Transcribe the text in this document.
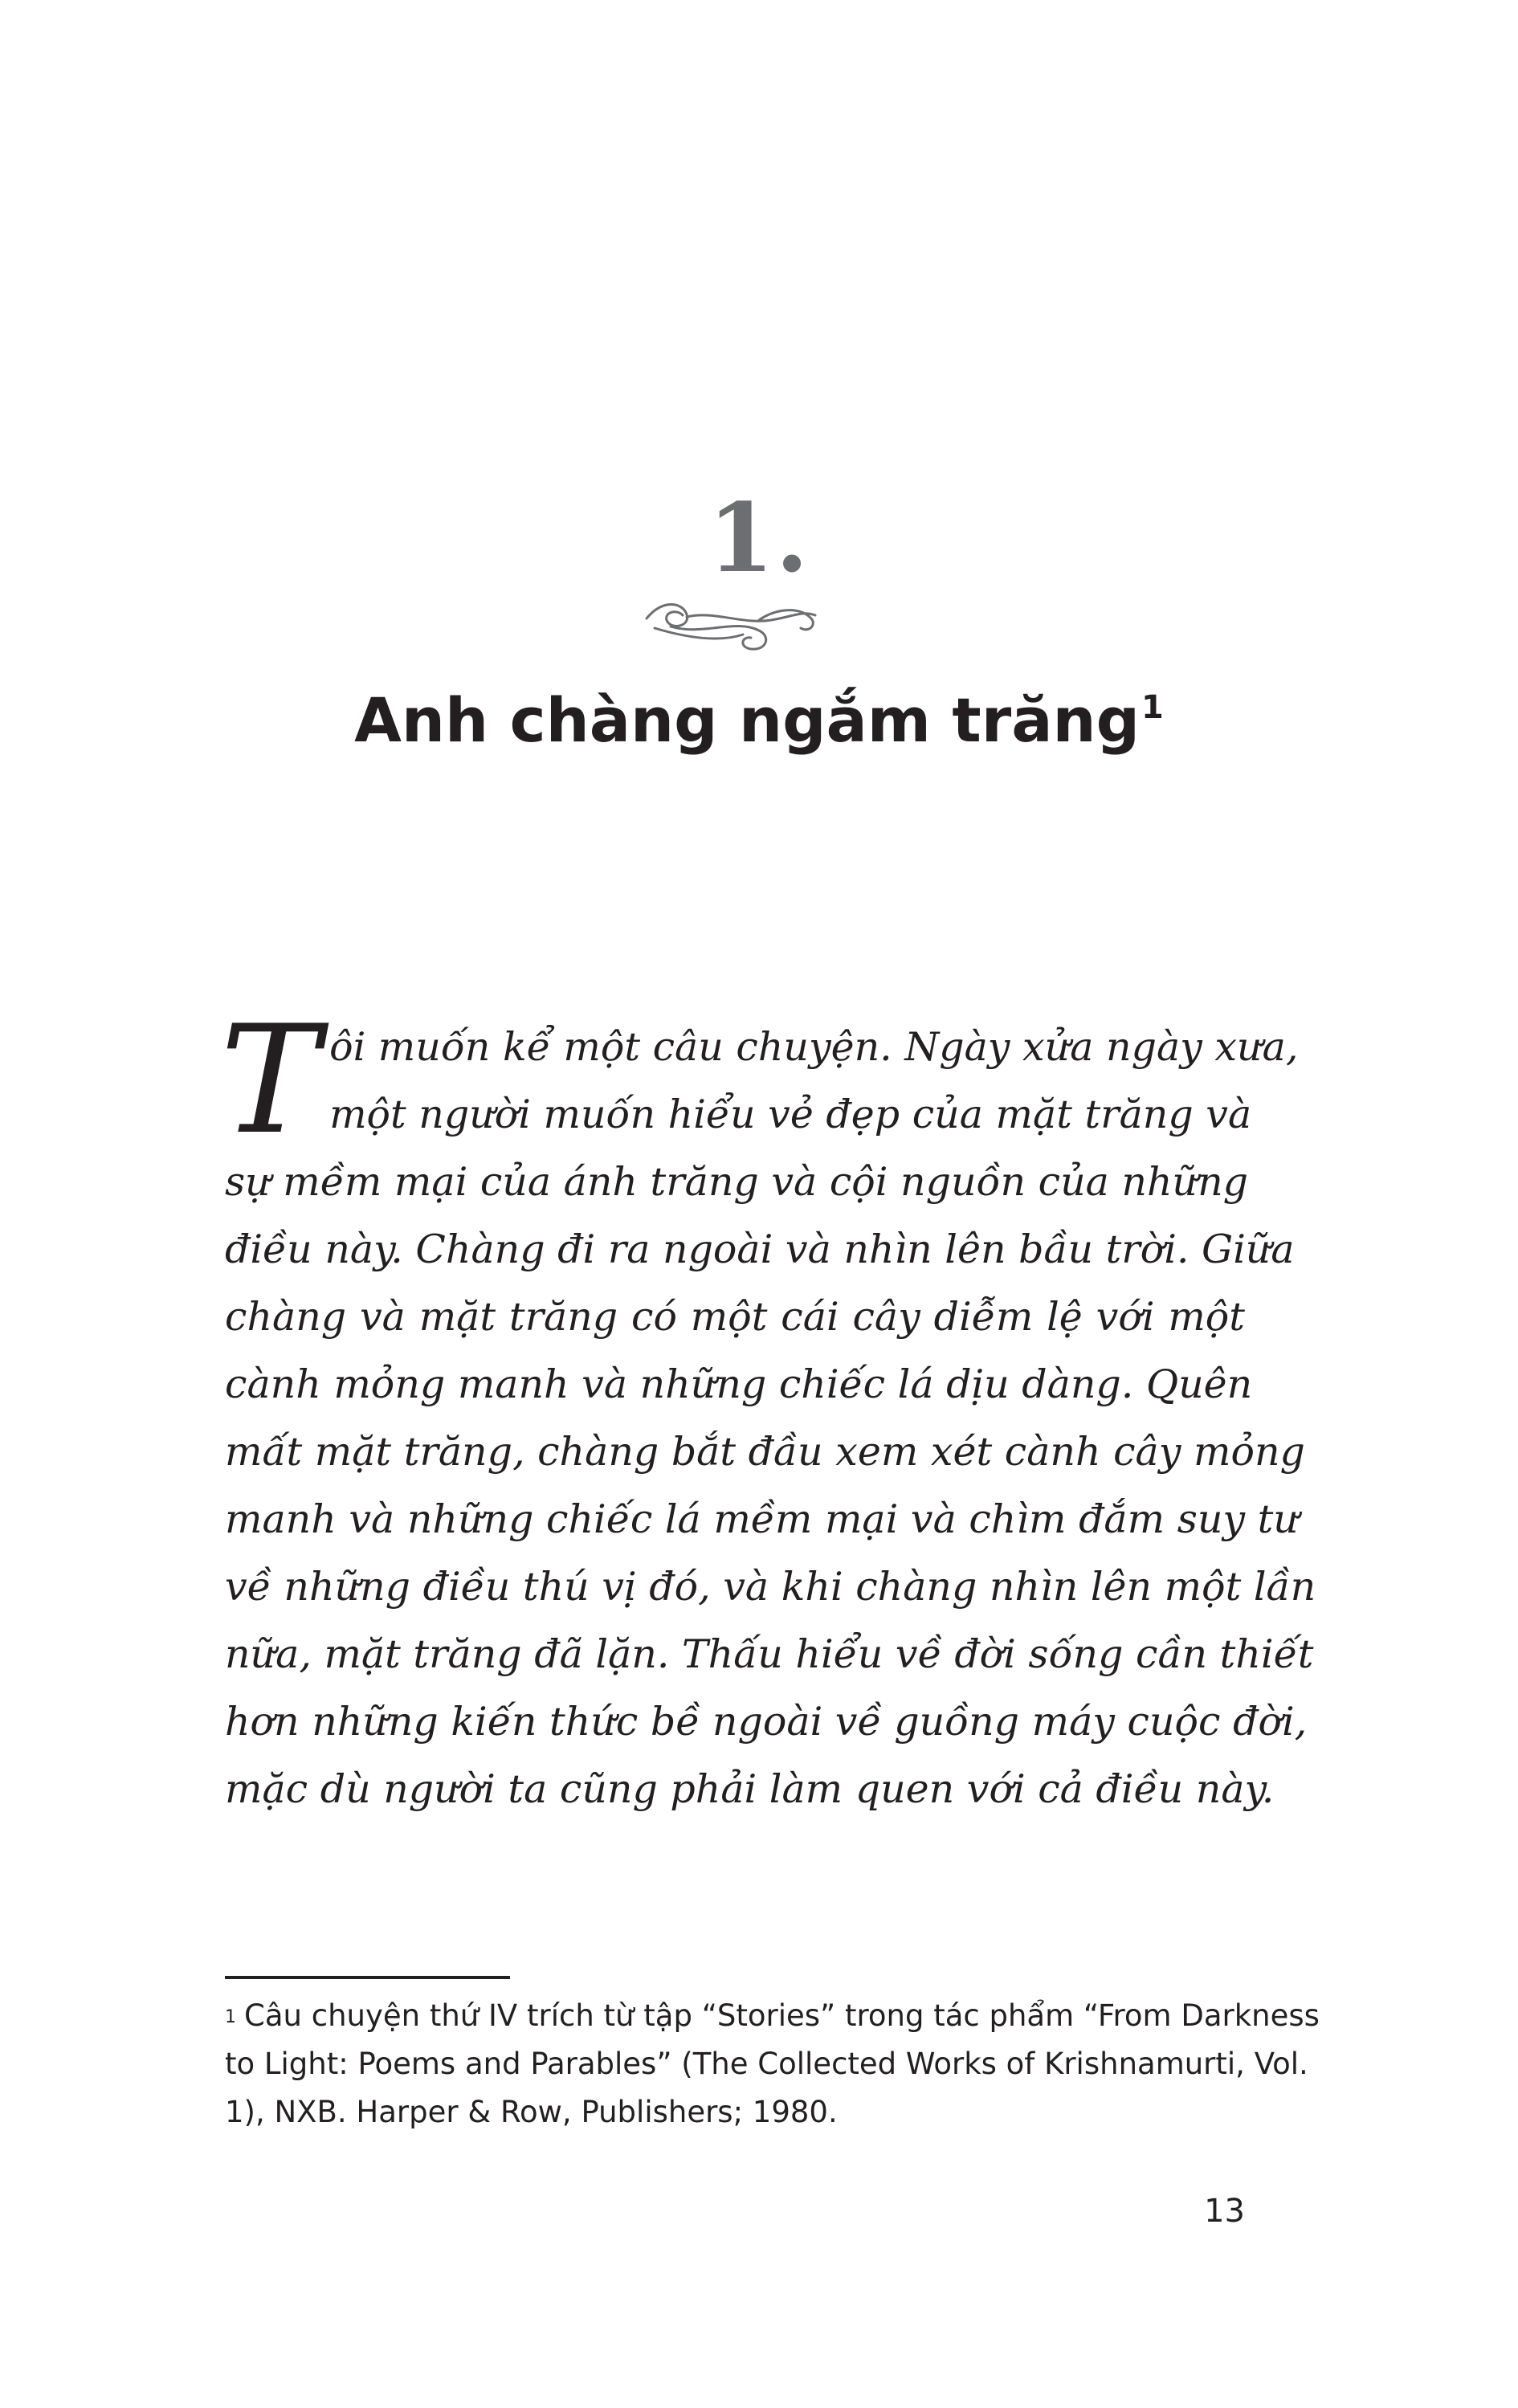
1.
Anh chàng ngắm trăng$^1$
T ôi muốn kể một câu chuyện. Ngày xửa ngày xưa,
một người muốn hiểu vẻ đẹp của mặt trăng và
sự mềm mại của ánh trăng và cội nguồn của những
điều này. Chàng đi ra ngoài và nhìn lên bầu trời. Giữa
chàng và mặt trăng có một cái cây diễm lệ với một
cành mỏng manh và những chiếc lá dịu dàng. Quên
mất mặt trăng, chàng bắt đầu xem xét cành cây mỏng
manh và những chiếc lá mềm mại và chìm đắm suy tư
về những điều thú vị đó, và khi chàng nhìn lên một lần
nữa, mặt trăng đã lặn. Thấu hiểu về đời sống cần thiết
hơn những kiến thức bề ngoài về guồng máy cuộc đời,
mặc dù người ta cũng phải làm quen với cả điều này.
$^1$ Câu chuyện thứ IV trích từ tập “Stories” trong tác phẩm “From Darkness
to Light: Poems and Parables” (The Collected Works of Krishnamurti, Vol.
1), NXB. Harper & Row, Publishers; 1980.
13
